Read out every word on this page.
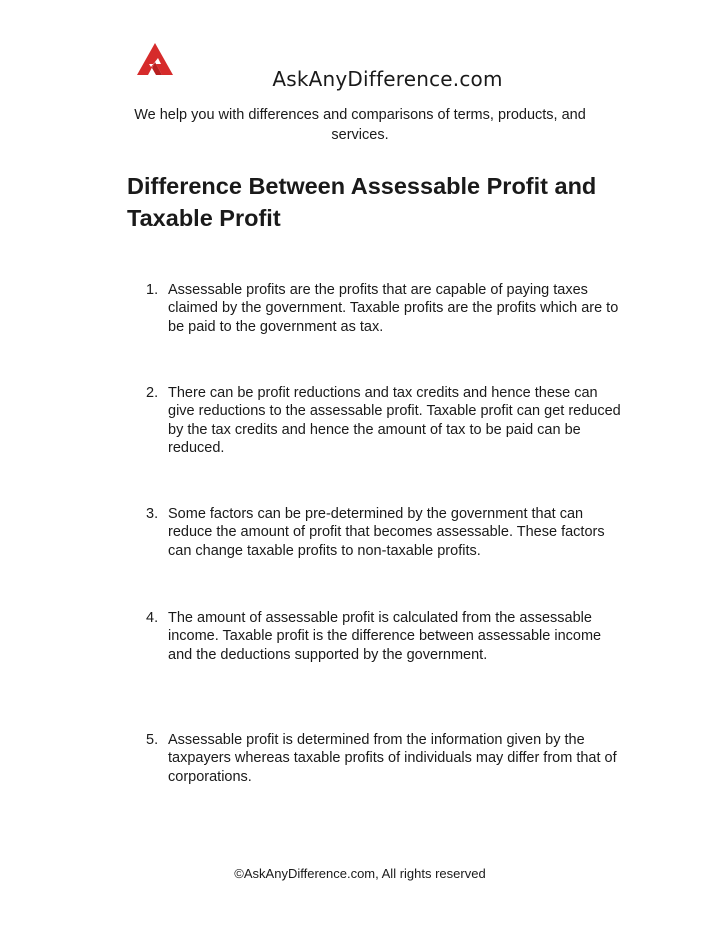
AskAnyDifference.com
We help you with differences and comparisons of terms, products, and services.
Difference Between Assessable Profit and Taxable Profit
1. Assessable profits are the profits that are capable of paying taxes claimed by the government. Taxable profits are the profits which are to be paid to the government as tax.
2. There can be profit reductions and tax credits and hence these can give reductions to the assessable profit. Taxable profit can get reduced by the tax credits and hence the amount of tax to be paid can be reduced.
3. Some factors can be pre-determined by the government that can reduce the amount of profit that becomes assessable. These factors can change taxable profits to non-taxable profits.
4. The amount of assessable profit is calculated from the assessable income. Taxable profit is the difference between assessable income and the deductions supported by the government.
5. Assessable profit is determined from the information given by the taxpayers whereas taxable profits of individuals may differ from that of corporations.
©AskAnyDifference.com, All rights reserved
